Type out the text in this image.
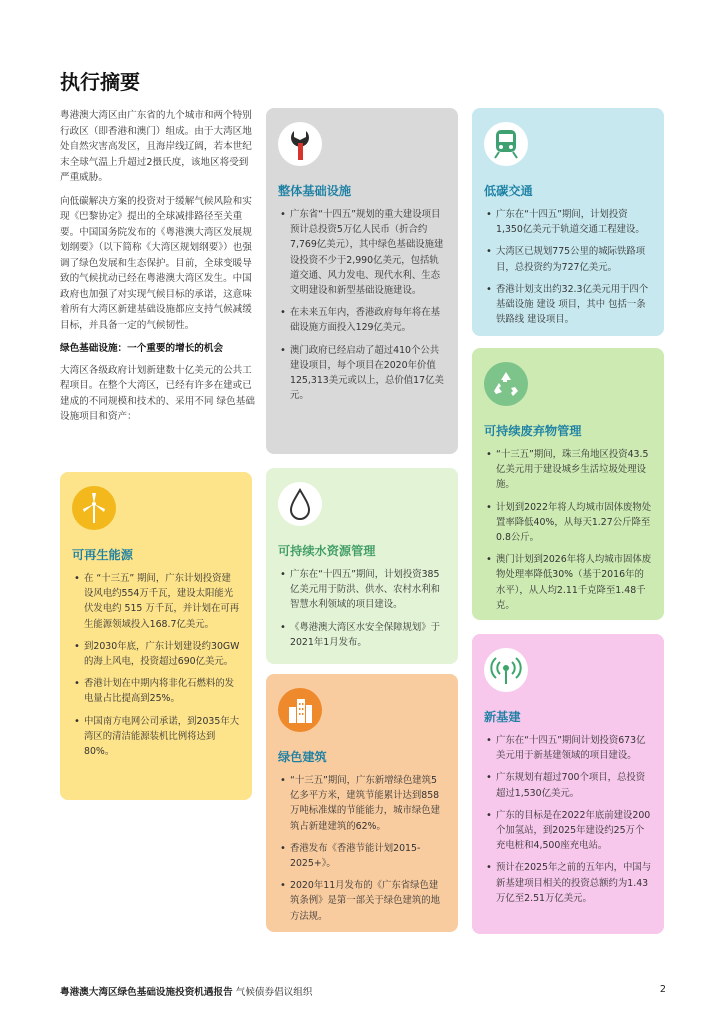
执行摘要

粤港澳大湾区由广东省的九个城市和两个特别行政区（即香港和澳门）组成。由于大湾区地处自然灾害高发区，且海岸线辽阔，若本世纪末全球气温上升超过2摄氏度，该地区将受到严重威胁。

向低碳解决方案的投资对于缓解气候风险和实现《巴黎协定》提出的全球减排路径至关重要。中国国务院发布的《粤港澳大湾区发展规划纲要》（以下简称《大湾区规划纲要》）也强调了绿色发展和生态保护。目前，全球变暖导致的气候扰动已经在粤港澳大湾区发生。中国政府也加强了对实现气候目标的承诺，这意味着所有大湾区新建基础设施都应支持气候减缓目标，并具备一定的气候韧性。

绿色基础设施：一个重要的增长的机会

大湾区各级政府计划新建数十亿美元的公共工程项目。在整个大湾区，已经有许多在建或已建成的不同规模和技术的、采用不同 绿色基础设施项目和资产：

整体基础设施
• 广东省“十四五”规划的重大建设项目预计总投资5万亿人民币（折合约7,769亿美元），其中绿色基础设施建设投资不少于2,990亿美元，包括轨道交通、风力发电、现代水利、生态文明建设和新型基础设施建设。
• 在未来五年内，香港政府每年将在基础设施方面投入129亿美元。
• 澳门政府已经启动了超过410个公共建设项目，每个项目在2020年价值125,313美元或以上，总价值17亿美元。
低碳交通
• 广东在“十四五”期间，计划投资1,350亿美元于轨道交通工程建设。
• 大湾区已规划775公里的城际铁路项目，总投资约为727亿美元。
• 香港计划支出约32.3亿美元用于四个基础设施 建设 项目，其中 包括一条铁路线 建设项目。
可持续废弃物管理
• “十三五”期间，珠三角地区投资43.5亿美元用于建设城乡生活垃圾处理设施。
• 计划到2022年将人均城市固体废物处置率降低40%，从每天1.27公斤降至0.8公斤。
• 澳门计划到2026年将人均城市固体废物处理率降低30%（基于2016年的水平），从人均2.11千克降至1.48千克。
可再生能源
• 在 “十三五” 期间，广东计划投资建设风电约554万千瓦，建设太阳能光伏发电约 515 万千瓦，并计划在可再生能源领域投入168.7亿美元。
• 到2030年底，广东计划建设约30GW的海上风电，投资超过690亿美元。
• 香港计划在中期内将非化石燃料的发电量占比提高到25%。
• 中国南方电网公司承诺，到2035年大湾区的清洁能源装机比例将达到80%。
可持续水资源管理
• 广东在“十四五”期间，计划投资385亿美元用于防洪、供水、农村水利和智慧水利领域的项目建设。
• 《粤港澳大湾区水安全保障规划》于2021年1月发布。
绿色建筑
• “十三五”期间，广东新增绿色建筑5亿多平方米，建筑节能累计达到858万吨标准煤的节能能力，城市绿色建筑占新建建筑的62%。
• 香港发布《香港节能计划2015-2025+》。
• 2020年11月发布的《广东省绿色建筑条例》是第一部关于绿色建筑的地方法规。
新基建
• 广东在“十四五”期间计划投资673亿美元用于新基建领域的项目建设。
• 广东规划有超过700个项目，总投资超过1,530亿美元。
• 广东的目标是在2022年底前建设200个加氢站，到2025年建设约25万个充电桩和4,500座充电站。
• 预计在2025年之前的五年内，中国与新基建项目相关的投资总额约为1.43万亿至2.51万亿美元。
粤港澳大湾区绿色基础设施投资机遇报告 气候债券倡议组织	2
